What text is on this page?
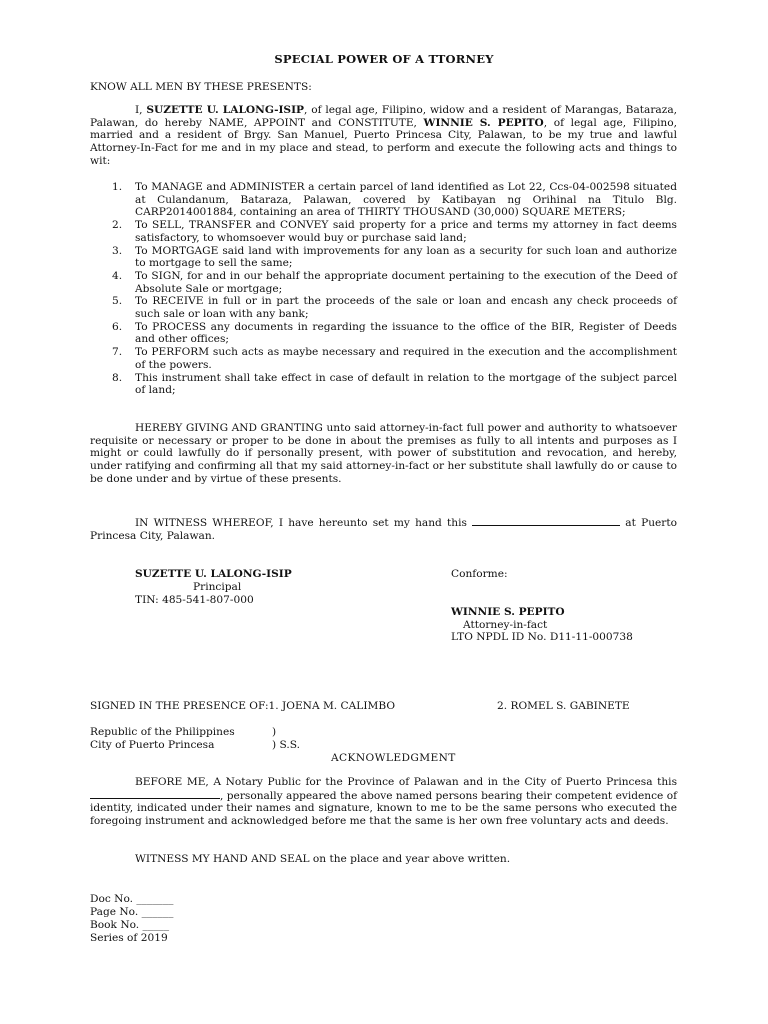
SPECIAL POWER OF A TTORNEY
KNOW ALL MEN BY THESE PRESENTS:
I, SUZETTE U. LALONG-ISIP, of legal age, Filipino, widow and a resident of Marangas, Bataraza, Palawan, do hereby NAME, APPOINT and CONSTITUTE, WINNIE S. PEPITO, of legal age, Filipino, married and a resident of Brgy. San Manuel, Puerto Princesa City, Palawan, to be my true and lawful Attorney-In-Fact for me and in my place and stead, to perform and execute the following acts and things to wit:
1. To MANAGE and ADMINISTER a certain parcel of land identified as Lot 22, Ccs-04-002598 situated at Culandanum, Bataraza, Palawan, covered by Katibayan ng Orihinal na Titulo Blg. CARP2014001884, containing an area of THIRTY THOUSAND (30,000) SQUARE METERS;
2. To SELL, TRANSFER and CONVEY said property for a price and terms my attorney in fact deems satisfactory, to whomsoever would buy or purchase said land;
3. To MORTGAGE said land with improvements for any loan as a security for such loan and authorize to mortgage to sell the same;
4. To SIGN, for and in our behalf the appropriate document pertaining to the execution of the Deed of Absolute Sale or mortgage;
5. To RECEIVE in full or in part the proceeds of the sale or loan and encash any check proceeds of such sale or loan with any bank;
6. To PROCESS any documents in regarding the issuance to the office of the BIR, Register of Deeds and other offices;
7. To PERFORM such acts as maybe necessary and required in the execution and the accomplishment of the powers.
8. This instrument shall take effect in case of default in relation to the mortgage of the subject parcel of land;
HEREBY GIVING AND GRANTING unto said attorney-in-fact full power and authority to whatsoever requisite or necessary or proper to be done in about the premises as fully to all intents and purposes as I might or could lawfully do if personally present, with power of substitution and revocation, and hereby, under ratifying and confirming all that my said attorney-in-fact or her substitute shall lawfully do or cause to be done under and by virtue of these presents.
IN WITNESS WHEREOF, I have hereunto set my hand this	at Puerto Princesa City, Palawan.
SUZETTE U. LALONG-ISIP
Principal
TIN: 485-541-807-000
Conforme:
WINNIE S. PEPITO
Attorney-in-fact
LTO NPDL ID No. D11-11-000738
SIGNED IN THE PRESENCE OF:1. JOENA M. CALIMBO	2. ROMEL S. GABINETE
Republic of the Philippines	)
City of Puerto Princesa	) S.S.
ACKNOWLEDGMENT
BEFORE ME, A Notary Public for the Province of Palawan and in the City of Puerto Princesa this , personally appeared the above named persons bearing their competent evidence of identity, indicated under their names and signature, known to me to be the same persons who executed the foregoing instrument and acknowledged before me that the same is her own free voluntary acts and deeds.
WITNESS MY HAND AND SEAL on the place and year above written.
Doc No. _______
Page No. ______
Book No. _____
Series of 2019
